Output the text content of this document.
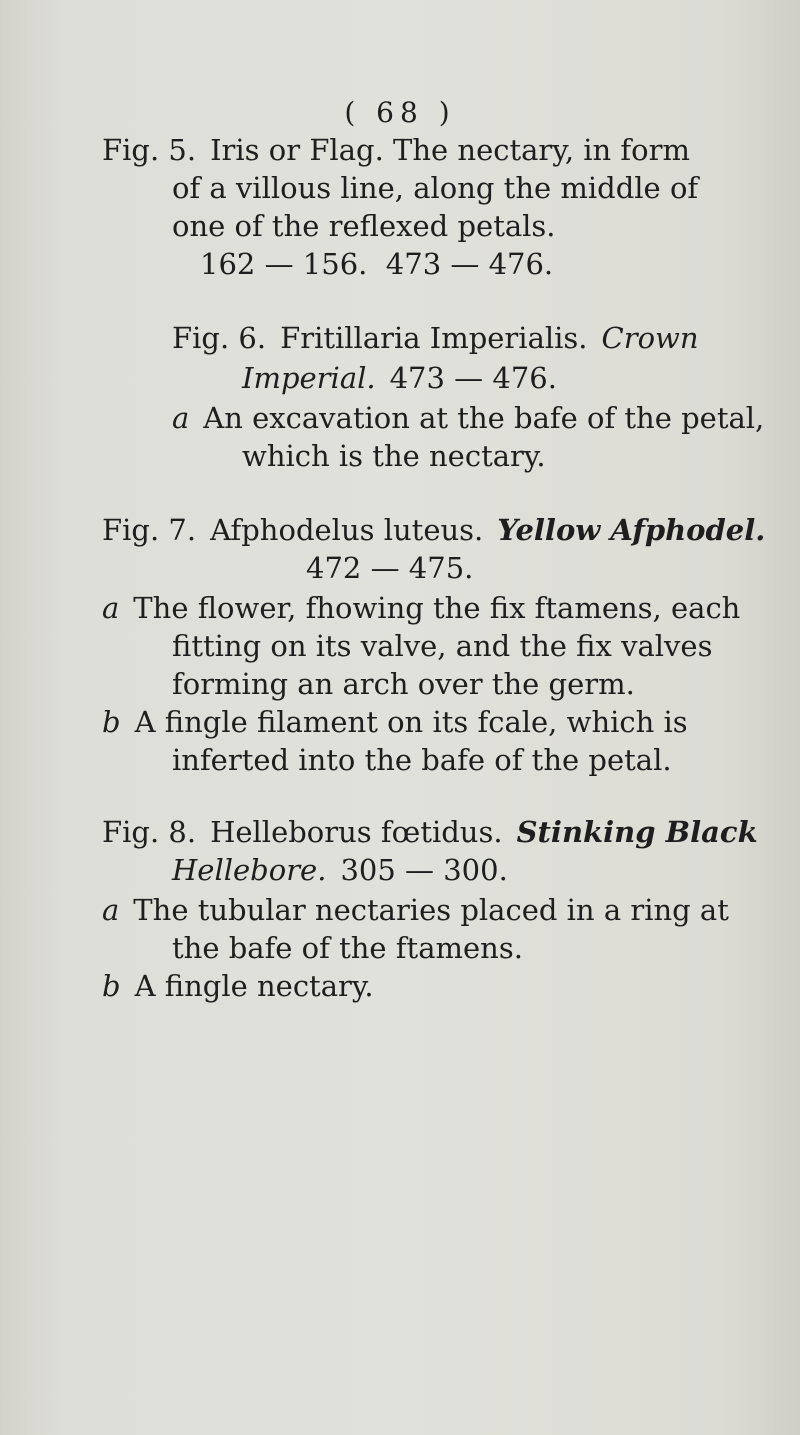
( 68 )
Fig. 5. Iris or Flag. The nectary, in form
of a villous line, along the middle of
one of the reflexed petals.
162 — 156.  473 — 476.
Fig. 6. Fritillaria Imperialis. Crown
Imperial. 473 — 476.
a An excavation at the bafe of the petal,
which is the nectary.
Fig. 7. Afphodelus luteus. Yellow Afphodel.
472 — 475.
a The flower, fhowing the fix ftamens, each
fitting on its valve, and the fix valves
forming an arch over the germ.
b A fingle filament on its fcale, which is
inferted into the bafe of the petal.
Fig. 8. Helleborus fœtidus. Stinking Black
Hellebore. 305 — 300.
a The tubular nectaries placed in a ring at
the bafe of the ftamens.
b A fingle nectary.
